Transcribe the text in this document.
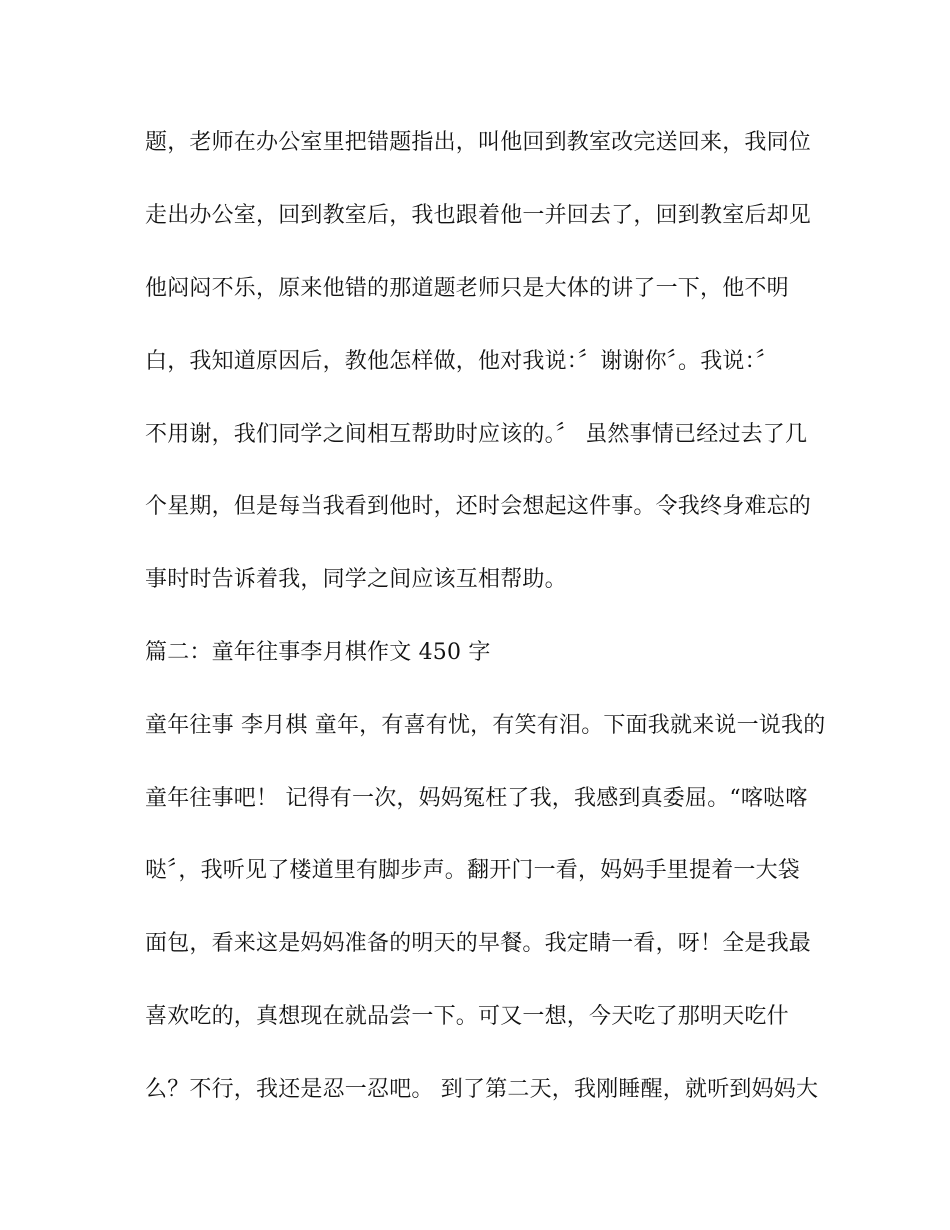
题，老师在办公室里把错题指出，叫他回到教室改完送回来，我同位
走出办公室，回到教室后，我也跟着他一并回去了，回到教室后却见
他闷闷不乐，原来他错的那道题老师只是大体的讲了一下，他不明
白，我知道原因后，教他怎样做，他对我说：〞谢谢你〞。我说：〞
不用谢，我们同学之间相互帮助时应该的。〞 虽然事情已经过去了几
个星期，但是每当我看到他时，还时会想起这件事。令我终身难忘的
事时时告诉着我，同学之间应该互相帮助。
篇二：童年往事李月棋作文 450 字
童年往事 李月棋 童年，有喜有忧，有笑有泪。下面我就来说一说我的
童年往事吧！ 记得有一次，妈妈冤枉了我，我感到真委屈。“喀哒喀
哒〞，我听见了楼道里有脚步声。翻开门一看，妈妈手里提着一大袋
面包，看来这是妈妈准备的明天的早餐。我定睛一看，呀！全是我最
喜欢吃的，真想现在就品尝一下。可又一想，今天吃了那明天吃什
么？不行，我还是忍一忍吧。 到了第二天，我刚睡醒，就听到妈妈大
